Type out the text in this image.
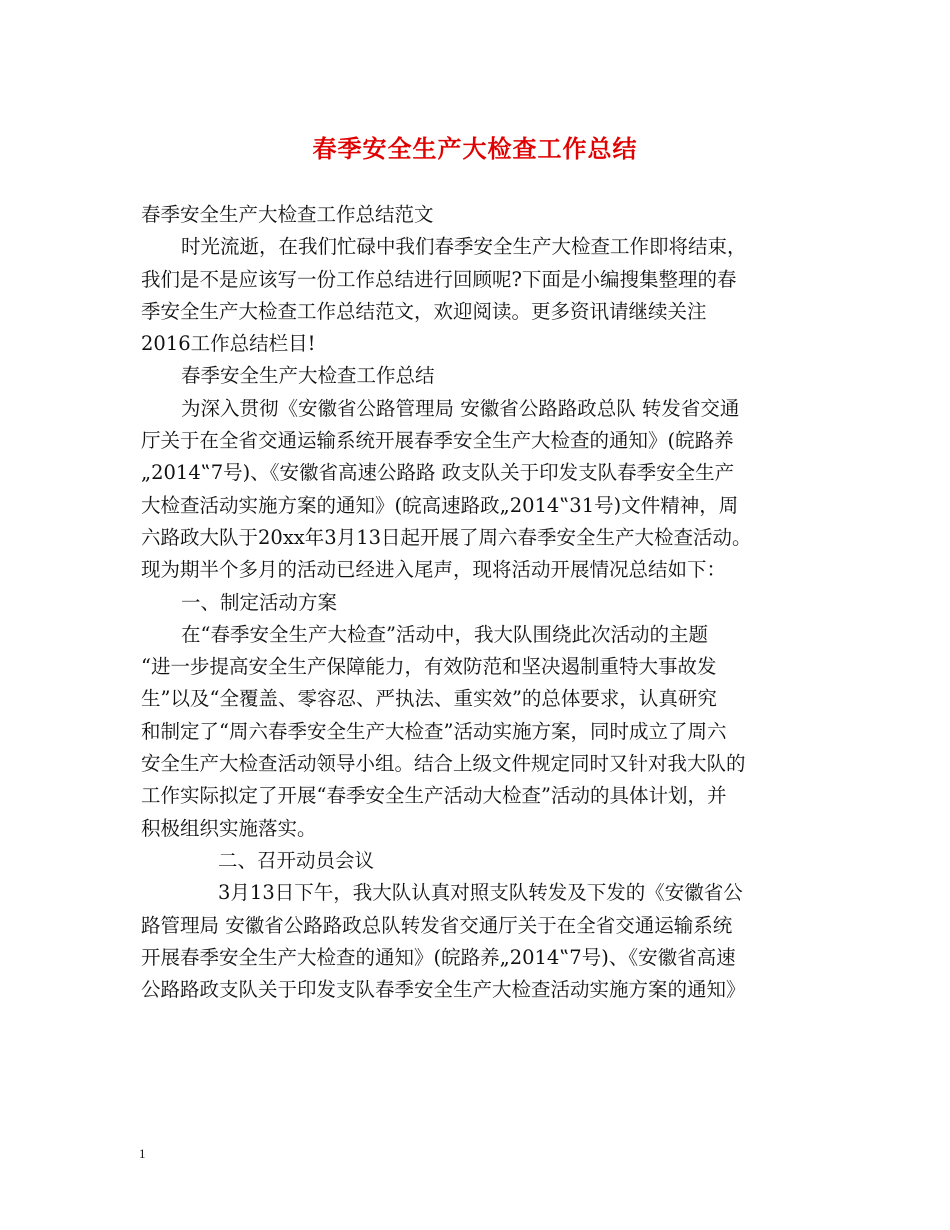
春季安全生产大检查工作总结
春季安全生产大检查工作总结范文
时光流逝，在我们忙碌中我们春季安全生产大检查工作即将结束，
我们是不是应该写一份工作总结进行回顾呢?下面是小编搜集整理的春
季安全生产大检查工作总结范文，欢迎阅读。更多资讯请继续关注
2016工作总结栏目!
春季安全生产大检查工作总结
为深入贯彻《安徽省公路管理局 安徽省公路路政总队 转发省交通
厅关于在全省交通运输系统开展春季安全生产大检查的通知》(皖路养
„2014‟7号)、《安徽省高速公路路 政支队关于印发支队春季安全生产
大检查活动实施方案的通知》(皖高速路政„2014‟31号)文件精神，周
六路政大队于20xx年3月13日起开展了周六春季安全生产大检查活动。
现为期半个多月的活动已经进入尾声，现将活动开展情况总结如下：
一、制定活动方案
在“春季安全生产大检查”活动中，我大队围绕此次活动的主题
“进一步提高安全生产保障能力，有效防范和坚决遏制重特大事故发
生”以及“全覆盖、零容忍、严执法、重实效”的总体要求，认真研究
和制定了“周六春季安全生产大检查”活动实施方案，同时成立了周六
安全生产大检查活动领导小组。结合上级文件规定同时又针对我大队的
工作实际拟定了开展“春季安全生产活动大检查”活动的具体计划，并
积极组织实施落实。
二、召开动员会议
3月13日下午，我大队认真对照支队转发及下发的《安徽省公
路管理局 安徽省公路路政总队转发省交通厅关于在全省交通运输系统
开展春季安全生产大检查的通知》(皖路养„2014‟7号)、《安徽省高速
公路路政支队关于印发支队春季安全生产大检查活动实施方案的通知》
1
